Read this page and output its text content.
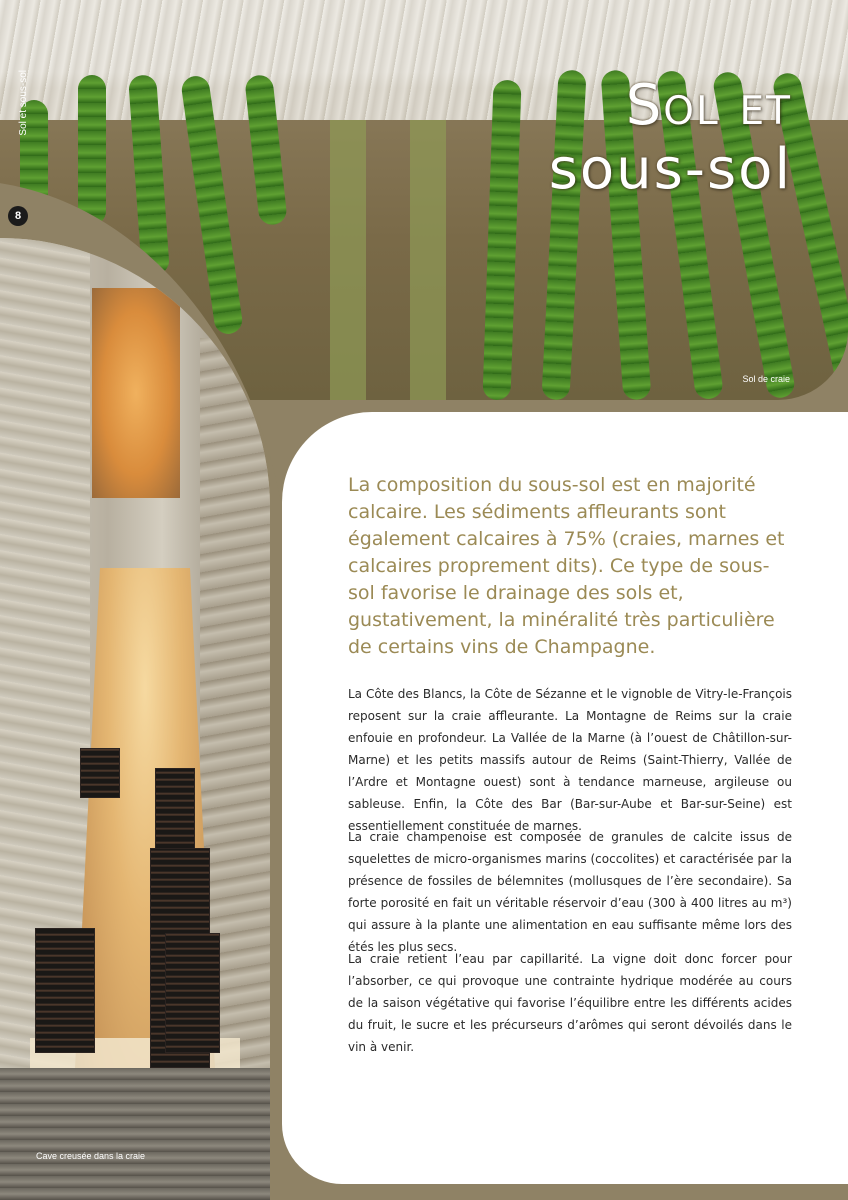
Sol et
sous-sol
Sol de craie
Sol et sous-sol
8
Cave creusée dans la craie
La composition du sous-sol est en majorité calcaire. Les sédiments affleurants sont également calcaires à 75% (craies, marnes et calcaires proprement dits). Ce type de sous-sol favorise le drainage des sols et, gustativement, la minéralité très particulière de certains vins de Champagne.
La Côte des Blancs, la Côte de Sézanne et le vignoble de Vitry-le-François reposent sur la craie affleurante. La Montagne de Reims sur la craie enfouie en profondeur. La Vallée de la Marne (à l’ouest de Châtillon-sur-Marne) et les petits massifs autour de Reims (Saint-Thierry, Vallée de l’Ardre et Montagne ouest) sont à tendance marneuse, argileuse ou sableuse. Enfin, la Côte des Bar (Bar-sur-Aube et Bar-sur-Seine) est essentiellement constituée de marnes.
La craie champenoise est composée de granules de calcite issus de squelettes de micro-organismes marins (coccolites) et caractérisée par la présence de fossiles de bélemnites (mollusques de l’ère secondaire). Sa forte porosité en fait un véritable réservoir d’eau (300 à 400 litres au m³) qui assure à la plante une alimentation en eau suffisante même lors des étés les plus secs.
La craie retient l’eau par capillarité. La vigne doit donc forcer pour l’absorber, ce qui provoque une contrainte hydrique modérée au cours de la saison végétative qui favorise l’équilibre entre les différents acides du fruit, le sucre et les précurseurs d’arômes qui seront dévoilés dans le vin à venir.
